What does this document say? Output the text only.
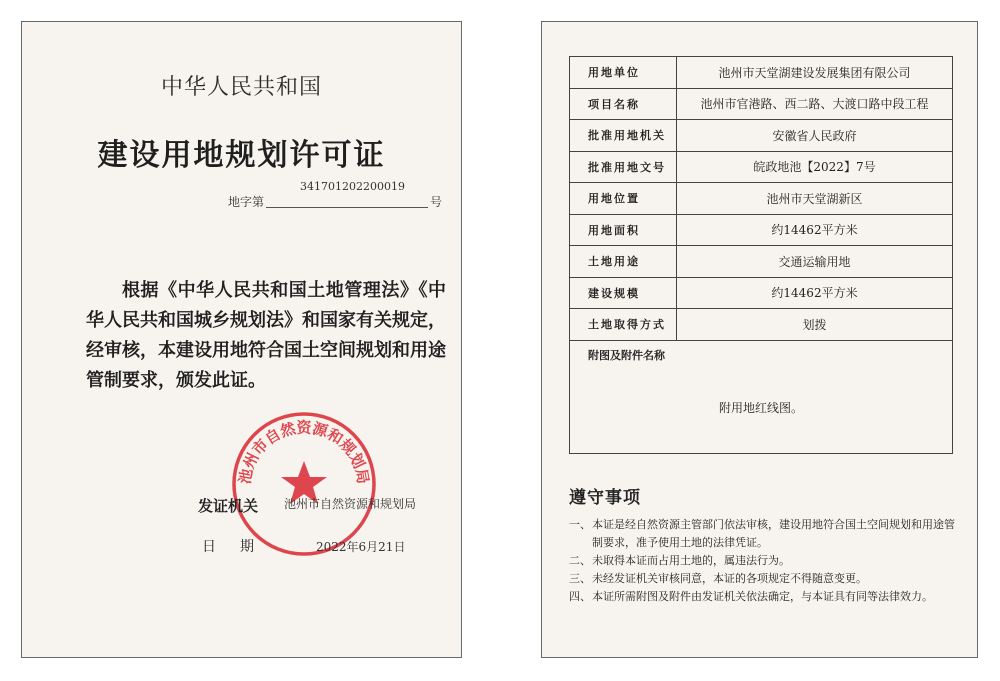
中华人民共和国
建设用地规划许可证
341701202200019
地字第	号
根据《中华人民共和国土地管理法》《中华人民共和国城乡规划法》和国家有关规定，经审核，本建设用地符合国土空间规划和用途管制要求，颁发此证。
池州市自然资源和规划局
发证机关 池州市自然资源和规划局
日期	2022年6月21日
用地单位	池州市天堂湖建设发展集团有限公司
项目名称	池州市官港路、西二路、大渡口路中段工程
批准用地机关	安徽省人民政府
批准用地文号	皖政地池【2022】7号
用地位置	池州市天堂湖新区
用地面积	约14462平方米
土地用途	交通运输用地
建设规模	约14462平方米
土地取得方式	划拨
附图及附件名称
附用地红线图。	
遵守事项
一、本证是经自然资源主管部门依法审核，建设用地符合国土空间规划和用途管制要求，准予使用土地的法律凭证。
二、未取得本证而占用土地的，属违法行为。
三、未经发证机关审核同意，本证的各项规定不得随意变更。
四、本证所需附图及附件由发证机关依法确定，与本证具有同等法律效力。
